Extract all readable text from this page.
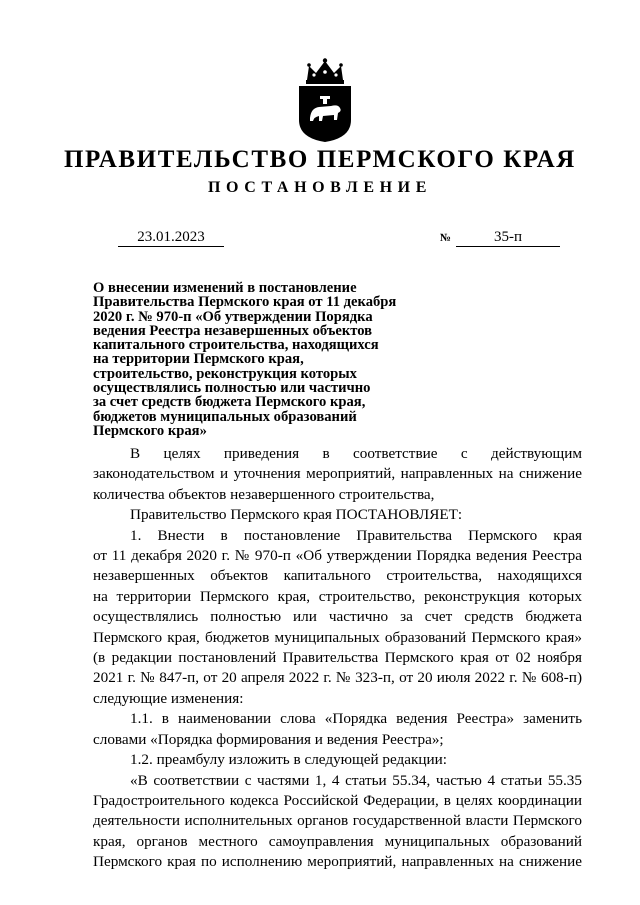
ПРАВИТЕЛЬСТВО ПЕРМСКОГО КРАЯ
ПОСТАНОВЛЕНИЕ
23.01.2023	№	35-п
О внесении изменений в постановление
Правительства Пермского края от 11 декабря
2020 г. № 970-п «Об утверждении Порядка
ведения Реестра незавершенных объектов
капитального строительства, находящихся
на территории Пермского края,
строительство, реконструкция которых
осуществлялись полностью или частично
за счет средств бюджета Пермского края,
бюджетов муниципальных образований
Пермского края»
В целях приведения в соответствие с действующим
законодательством и уточнения мероприятий, направленных на снижение
количества объектов незавершенного строительства,
Правительство Пермского края ПОСТАНОВЛЯЕТ:
1. Внести в постановление Правительства Пермского края
от 11 декабря 2020 г. № 970-п «Об утверждении Порядка ведения Реестра
незавершенных объектов капитального строительства, находящихся
на территории Пермского края, строительство, реконструкция которых
осуществлялись полностью или частично за счет средств бюджета
Пермского края, бюджетов муниципальных образований Пермского края»
(в редакции постановлений Правительства Пермского края от 02 ноября
2021 г. № 847-п, от 20 апреля 2022 г. № 323-п, от 20 июля 2022 г. № 608-п)
следующие изменения:
1.1. в наименовании слова «Порядка ведения Реестра» заменить
словами «Порядка формирования и ведения Реестра»;
1.2. преамбулу изложить в следующей редакции:
«В соответствии с частями 1, 4 статьи 55.34, частью 4 статьи 55.35
Градостроительного кодекса Российской Федерации, в целях координации
деятельности исполнительных органов государственной власти Пермского
края, органов местного самоуправления муниципальных образований
Пермского края по исполнению мероприятий, направленных на снижение
